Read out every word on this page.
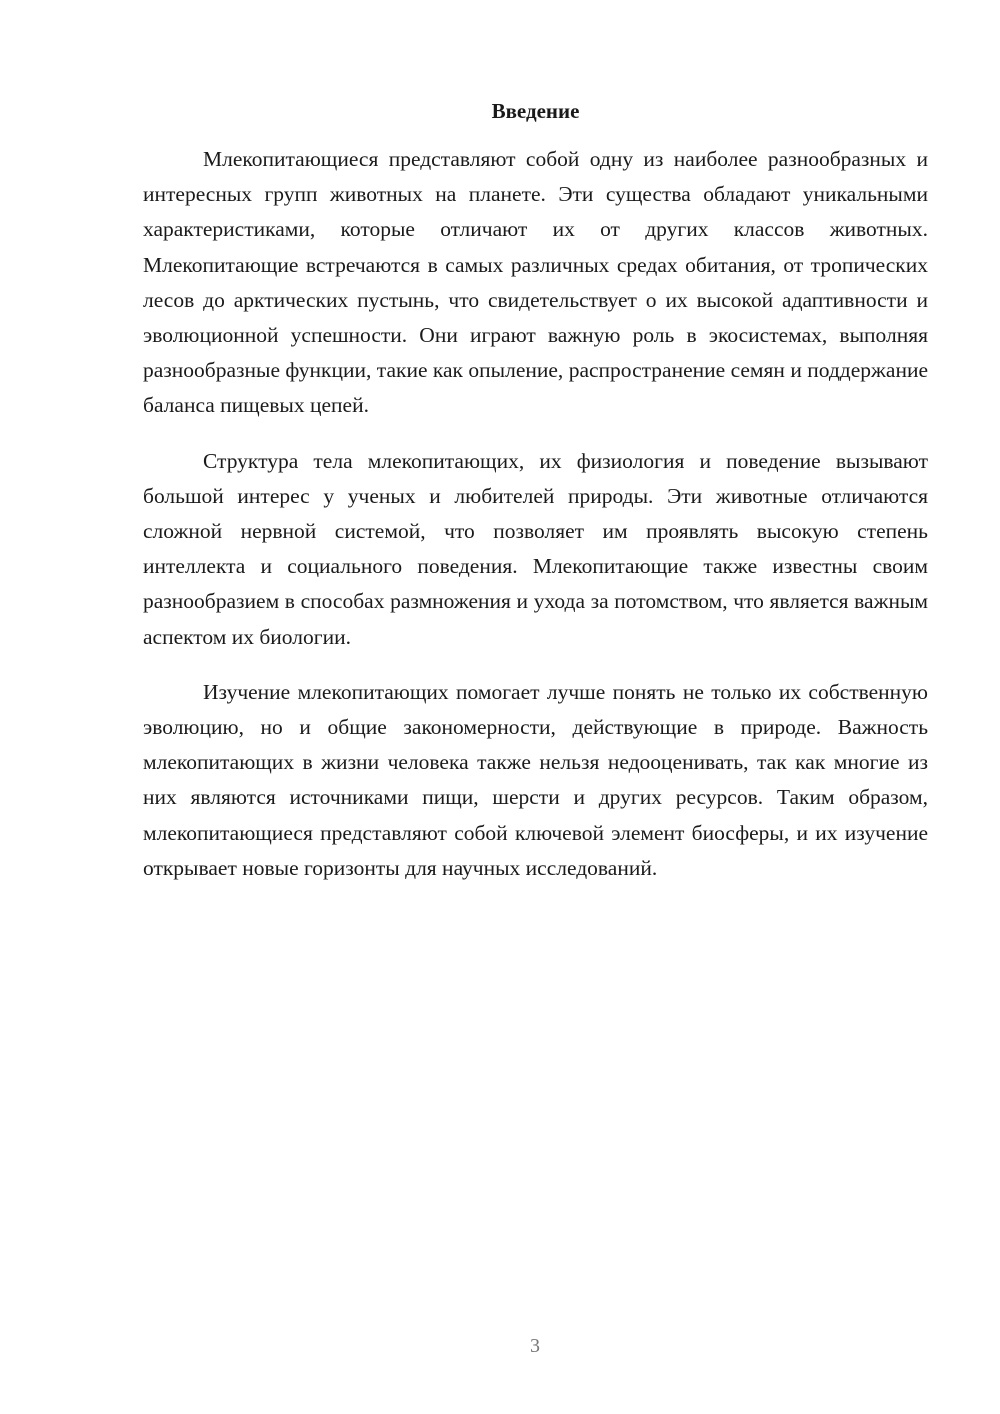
Введение

Млекопитающиеся представляют собой одну из наиболее разнообразных и интересных групп животных на планете. Эти существа обладают уникальными характеристиками, которые отличают их от других классов животных. Млекопитающие встречаются в самых различных средах обитания, от тропических лесов до арктических пустынь, что свидетельствует о их высокой адаптивности и эволюционной успешности. Они играют важную роль в экосистемах, выполняя разнообразные функции, такие как опыление, распространение семян и поддержание баланса пищевых цепей.

Структура тела млекопитающих, их физиология и поведение вызывают большой интерес у ученых и любителей природы. Эти животные отличаются сложной нервной системой, что позволяет им проявлять высокую степень интеллекта и социального поведения. Млекопитающие также известны своим разнообразием в способах размножения и ухода за потомством, что является важным аспектом их биологии.

Изучение млекопитающих помогает лучше понять не только их собственную эволюцию, но и общие закономерности, действующие в природе. Важность млекопитающих в жизни человека также нельзя недооценивать, так как многие из них являются источниками пищи, шерсти и других ресурсов. Таким образом, млекопитающиеся представляют собой ключевой элемент биосферы, и их изучение открывает новые горизонты для научных исследований.

3
